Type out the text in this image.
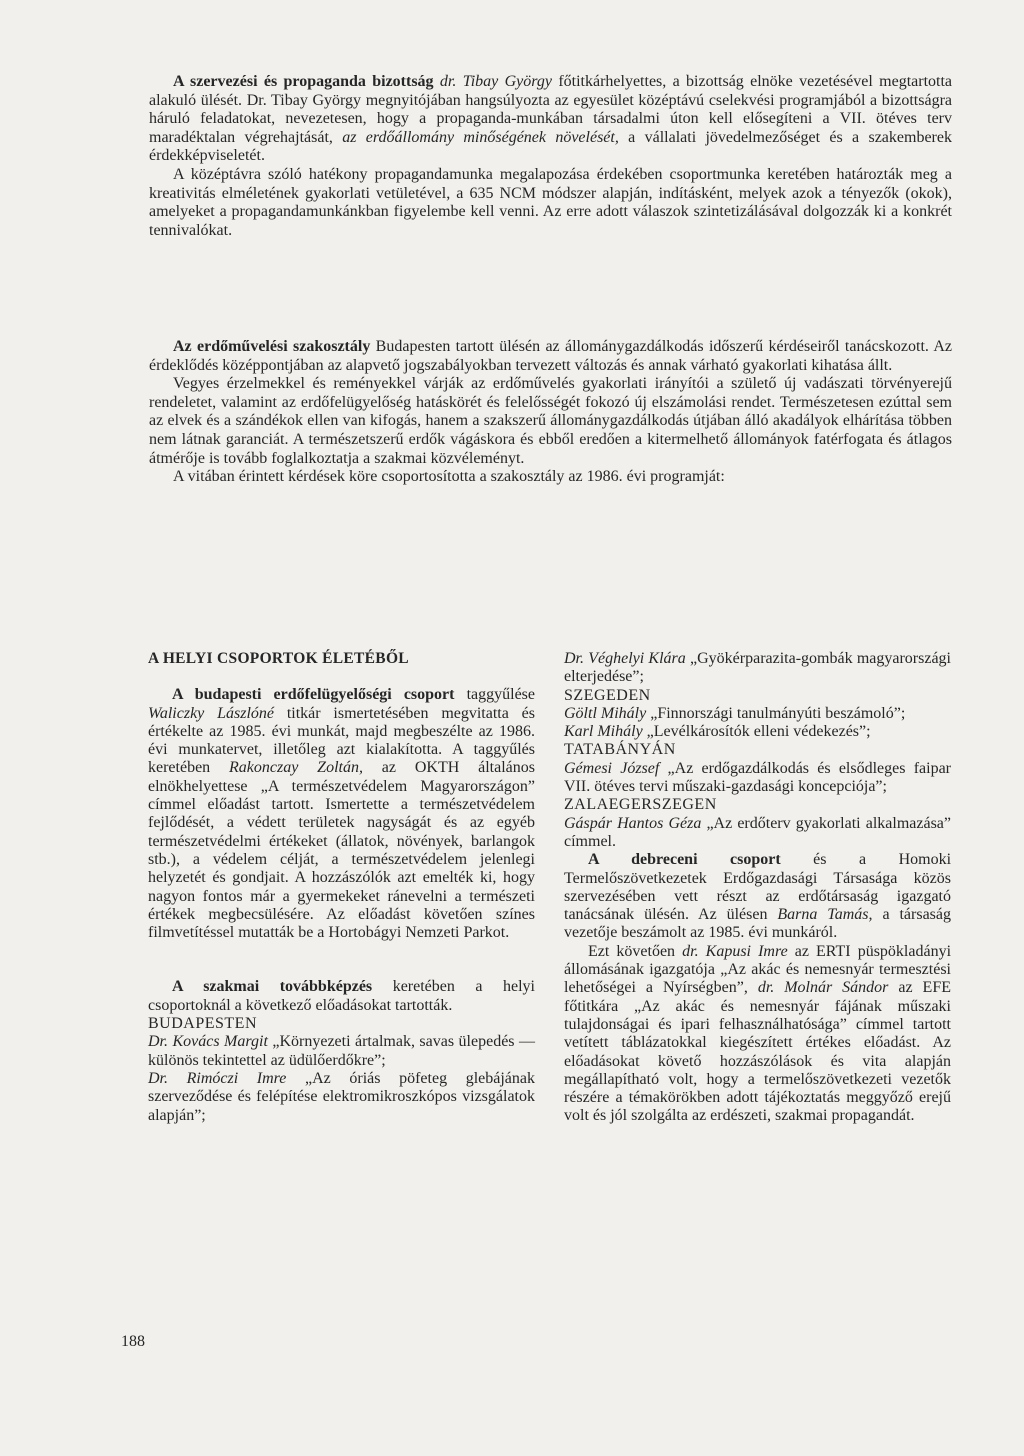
A szervezési és propaganda bizottság dr. Tibay György főtitkárhelyettes, a bizottság elnöke vezetésével megtartotta alakuló ülését. Dr. Tibay György megnyitójában hangsúlyozta az egyesület középtávú cselekvési programjából a bizottságra háruló feladatokat, nevezetesen, hogy a propaganda-munkában társadalmi úton kell elősegíteni a VII. ötéves terv maradéktalan végrehajtását, az erdőállomány minőségének növelését, a vállalati jövedelmezőséget és a szakemberek érdekképviseletét.

A középtávra szóló hatékony propagandamunka megalapozása érdekében csoportmunka keretében határozták meg a kreativitás elméletének gyakorlati vetületével, a 635 NCM módszer alapján, indításként, melyek azok a tényezők (okok), amelyeket a propagandamunkánkban figyelembe kell venni. Az erre adott válaszok szintetizálásával dolgozzák ki a konkrét tennivalókat.

Az erdőművelési szakosztály Budapesten tartott ülésén az állománygazdálkodás időszerű kérdéseiről tanácskozott. Az érdeklődés középpontjában az alapvető jogszabályokban tervezett változás és annak várható gyakorlati kihatása állt.

Vegyes érzelmekkel és reményekkel várják az erdőművelés gyakorlati irányítói a születő új vadászati törvényerejű rendeletet, valamint az erdőfelügyelőség hatáskörét és felelősségét fokozó új elszámolási rendet. Természetesen ezúttal sem az elvek és a szándékok ellen van kifogás, hanem a szakszerű állománygazdálkodás útjában álló akadályok elhárítása többen nem látnak garanciát. A természetszerű erdők vágáskora és ebből eredően a kitermelhető állományok fatérfogata és átlagos átmérője is tovább foglalkoztatja a szakmai közvéleményt.

A vitában érintett kérdések köre csoportosította a szakosztály az 1986. évi programját:

A HELYI CSOPORTOK ÉLETÉBŐL

A budapesti erdőfelügyelőségi csoport taggyűlése Waliczky Lászlóné titkár ismertetésében megvitatta és értékelte az 1985. évi munkát, majd megbeszélte az 1986. évi munkatervet, illetőleg azt kialakította. A taggyűlés keretében Rakonczay Zoltán, az OKTH általános elnökhelyettese „A természetvédelem Magyarországon” címmel előadást tartott. Ismertette a természetvédelem fejlődését, a védett területek nagyságát és az egyéb természetvédelmi értékeket (állatok, növények, barlangok stb.), a védelem célját, a természetvédelem jelenlegi helyzetét és gondjait. A hozzászólók azt emelték ki, hogy nagyon fontos már a gyermekeket ránevelni a természeti értékek megbecsülésére. Az előadást követően színes filmvetítéssel mutatták be a Hortobágyi Nemzeti Parkot.

A szakmai továbbképzés keretében a helyi csoportoknál a következő előadásokat tartották.

BUDAPESTEN

Dr. Kovács Margit „Környezeti ártalmak, savas ülepedés — különös tekintettel az üdülőerdőkre”;

Dr. Rimóczi Imre „Az óriás pöfeteg glebájának szerveződése és felépítése elektromikroszkópos vizsgálatok alapján”;

Dr. Véghelyi Klára „Gyökérparazita-gombák magyarországi elterjedése”;

SZEGEDEN

Göltl Mihály „Finnországi tanulmányúti beszámoló”;

Karl Mihály „Levélkárosítók elleni védekezés”;

TATABÁNYÁN

Gémesi József „Az erdőgazdálkodás és elsődleges faipar VII. ötéves tervi műszaki-gazdasági koncepciója”;

ZALAEGERSZEGEN

Gáspár Hantos Géza „Az erdőterv gyakorlati alkalmazása” címmel.

A debreceni csoport és a Homoki Termelőszövetkezetek Erdőgazdasági Társasága közös szervezésében vett részt az erdőtársaság igazgató tanácsának ülésén. Az ülésen Barna Tamás, a társaság vezetője beszámolt az 1985. évi munkáról.

Ezt követően dr. Kapusi Imre az ERTI püspökladányi állomásának igazgatója „Az akác és nemesnyár termesztési lehetőségei a Nyírségben”, dr. Molnár Sándor az EFE főtitkára „Az akác és nemesnyár fájának műszaki tulajdonságai és ipari felhasználhatósága” címmel tartott vetített táblázatokkal kiegészített értékes előadást. Az előadásokat követő hozzászólások és vita alapján megállapítható volt, hogy a termelőszövetkezeti vezetők részére a témakörökben adott tájékoztatás meggyőző erejű volt és jól szolgálta az erdészeti, szakmai propagandát.

188
